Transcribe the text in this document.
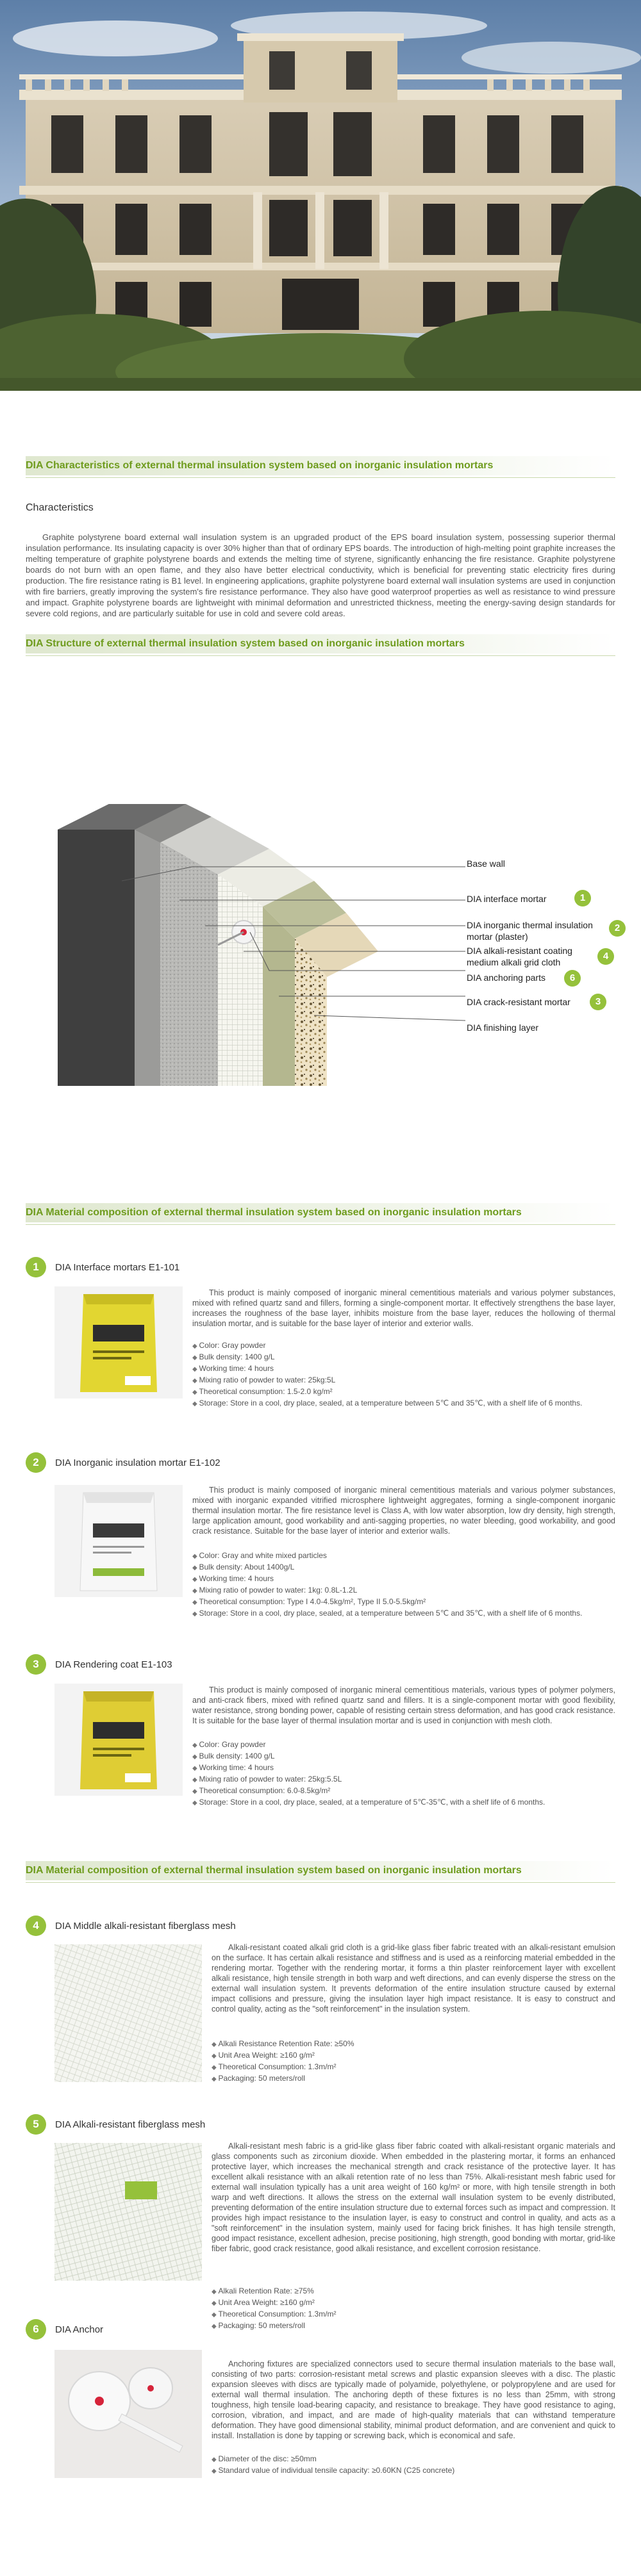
DIA Characteristics of external thermal insulation system based on inorganic insulation mortars
Characteristics
Graphite polystyrene board external wall insulation system is an upgraded product of the EPS board insulation system, possessing superior thermal insulation performance. Its insulating capacity is over 30% higher than that of ordinary EPS boards. The introduction of high-melting point graphite increases the melting temperature of graphite polystyrene boards and extends the melting time of styrene, significantly enhancing the fire resistance. Graphite polystyrene boards do not burn with an open flame, and they also have better electrical conductivity, which is beneficial for preventing static electricity fires during production. The fire resistance rating is B1 level. In engineering applications, graphite polystyrene board external wall insulation systems are used in conjunction with fire barriers, greatly improving the system's fire resistance performance. They also have good waterproof properties as well as resistance to wind pressure and impact. Graphite polystyrene boards are lightweight with minimal deformation and unrestricted thickness, meeting the energy-saving design standards for severe cold regions, and are particularly suitable for use in cold and severe cold areas.
DIA Structure of external thermal insulation system based on inorganic insulation mortars
Base wall
DIA interface mortar	1
DIA inorganic thermal insulation
mortar (plaster)
2
DIA alkali-resistant coating
medium alkali grid cloth
4
DIA anchoring parts	6
DIA crack-resistant mortar	3
DIA finishing layer
DIA Material composition of external thermal insulation system based on inorganic insulation mortars
1	DIA Interface mortars E1-101
This product is mainly composed of inorganic mineral cementitious materials and various polymer substances, mixed with refined quartz sand and fillers, forming a single-component mortar. It effectively strengthens the base layer, increases the roughness of the base layer, inhibits moisture from the base layer, reduces the hollowing of thermal insulation mortar, and is suitable for the base layer of interior and exterior walls.
◆ Color: Gray powder
◆ Bulk density: 1400 g/L
◆ Working time: 4 hours
◆ Mixing ratio of powder to water: 25kg:5L
◆ Theoretical consumption: 1.5-2.0 kg/m²
◆ Storage: Store in a cool, dry place, sealed, at a temperature between 5℃ and 35℃, with a shelf life of 6 months.
2	DIA Inorganic insulation mortar E1-102
This product is mainly composed of inorganic mineral cementitious materials and various polymer substances, mixed with inorganic expanded vitrified microsphere lightweight aggregates, forming a single-component inorganic thermal insulation mortar. The fire resistance level is Class A, with low water absorption, low dry density, high strength, large application amount, good workability and anti-sagging properties, no water bleeding, good workability, and good crack resistance. Suitable for the base layer of interior and exterior walls.
◆ Color: Gray and white mixed particles
◆ Bulk density: About 1400g/L
◆ Working time: 4 hours
◆ Mixing ratio of powder to water: 1kg: 0.8L-1.2L
◆ Theoretical consumption: Type I 4.0-4.5kg/m², Type II 5.0-5.5kg/m²
◆ Storage: Store in a cool, dry place, sealed, at a temperature between 5℃ and 35℃, with a shelf life of 6 months.
3	DIA Rendering coat E1-103
This product is mainly composed of inorganic mineral cementitious materials, various types of polymer polymers, and anti-crack fibers, mixed with refined quartz sand and fillers. It is a single-component mortar with good flexibility, water resistance, strong bonding power, capable of resisting certain stress deformation, and has good crack resistance. It is suitable for the base layer of thermal insulation mortar and is used in conjunction with mesh cloth.
◆ Color: Gray powder
◆ Bulk density: 1400 g/L
◆ Working time: 4 hours
◆ Mixing ratio of powder to water: 25kg:5.5L
◆ Theoretical consumption: 6.0-8.5kg/m²
◆ Storage: Store in a cool, dry place, sealed, at a temperature of 5℃-35℃, with a shelf life of 6 months.
DIA Material composition of external thermal insulation system based on inorganic insulation mortars
4	DIA Middle alkali-resistant fiberglass mesh
Alkali-resistant coated alkali grid cloth is a grid-like glass fiber fabric treated with an alkali-resistant emulsion on the surface. It has certain alkali resistance and stiffness and is used as a reinforcing material embedded in the rendering mortar. Together with the rendering mortar, it forms a thin plaster reinforcement layer with excellent alkali resistance, high tensile strength in both warp and weft directions, and can evenly disperse the stress on the external wall insulation system. It prevents deformation of the entire insulation structure caused by external impact collisions and pressure, giving the insulation layer high impact resistance. It is easy to construct and control quality, acting as the "soft reinforcement" in the insulation system.
◆ Alkali Resistance Retention Rate: ≥50%
◆ Unit Area Weight: ≥160 g/m²
◆ Theoretical Consumption: 1.3m/m²
◆ Packaging: 50 meters/roll
5	DIA Alkali-resistant fiberglass mesh
Alkali-resistant mesh fabric is a grid-like glass fiber fabric coated with alkali-resistant organic materials and glass components such as zirconium dioxide. When embedded in the plastering mortar, it forms an enhanced protective layer, which increases the mechanical strength and crack resistance of the protective layer. It has excellent alkali resistance with an alkali retention rate of no less than 75%. Alkali-resistant mesh fabric used for external wall insulation typically has a unit area weight of 160 kg/m² or more, with high tensile strength in both warp and weft directions. It allows the stress on the external wall insulation system to be evenly distributed, preventing deformation of the entire insulation structure due to external forces such as impact and compression. It provides high impact resistance to the insulation layer, is easy to construct and control in quality, and acts as a "soft reinforcement" in the insulation system, mainly used for facing brick finishes. It has high tensile strength, good impact resistance, excellent adhesion, precise positioning, high strength, good bonding with mortar, grid-like fiber fabric, good crack resistance, good alkali resistance, and excellent corrosion resistance.
◆ Alkali Retention Rate: ≥75%
◆ Unit Area Weight: ≥160 g/m²
◆ Theoretical Consumption: 1.3m/m²
◆ Packaging: 50 meters/roll
6	DIA Anchor
Anchoring fixtures are specialized connectors used to secure thermal insulation materials to the base wall, consisting of two parts: corrosion-resistant metal screws and plastic expansion sleeves with a disc. The plastic expansion sleeves with discs are typically made of polyamide, polyethylene, or polypropylene and are used for external wall thermal insulation. The anchoring depth of these fixtures is no less than 25mm, with strong toughness, high tensile load-bearing capacity, and resistance to breakage. They have good resistance to aging, corrosion, vibration, and impact, and are made of high-quality materials that can withstand temperature deformation. They have good dimensional stability, minimal product deformation, and are convenient and quick to install. Installation is done by tapping or screwing back, which is economical and safe.
◆ Diameter of the disc: ≥50mm
◆ Standard value of individual tensile capacity: ≥0.60KN (C25 concrete)
